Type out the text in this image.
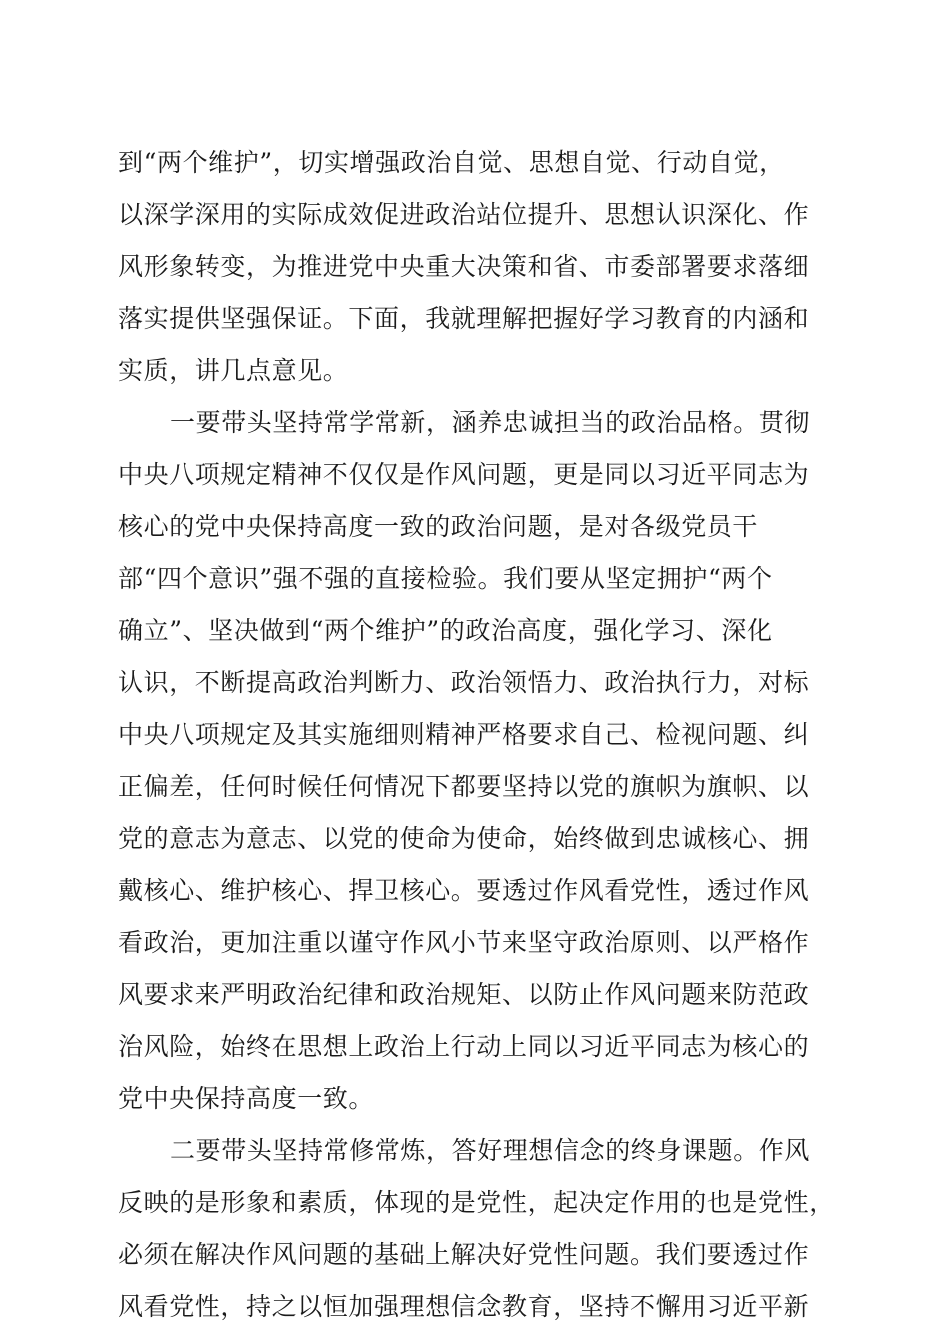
到“两个维护”，切实增强政治自觉、思想自觉、行动自觉，
以深学深用的实际成效促进政治站位提升、思想认识深化、作
风形象转变，为推进党中央重大决策和省、市委部署要求落细
落实提供坚强保证。下面，我就理解把握好学习教育的内涵和
实质，讲几点意见。
一要带头坚持常学常新，涵养忠诚担当的政治品格。贯彻
中央八项规定精神不仅仅是作风问题，更是同以习近平同志为
核心的党中央保持高度一致的政治问题，是对各级党员干
部“四个意识”强不强的直接检验。我们要从坚定拥护“两个
确立”、坚决做到“两个维护”的政治高度，强化学习、深化
认识，不断提高政治判断力、政治领悟力、政治执行力，对标
中央八项规定及其实施细则精神严格要求自己、检视问题、纠
正偏差，任何时候任何情况下都要坚持以党的旗帜为旗帜、以
党的意志为意志、以党的使命为使命，始终做到忠诚核心、拥
戴核心、维护核心、捍卫核心。要透过作风看党性，透过作风
看政治，更加注重以谨守作风小节来坚守政治原则、以严格作
风要求来严明政治纪律和政治规矩、以防止作风问题来防范政
治风险，始终在思想上政治上行动上同以习近平同志为核心的
党中央保持高度一致。
二要带头坚持常修常炼，答好理想信念的终身课题。作风
反映的是形象和素质，体现的是党性，起决定作用的也是党性，
必须在解决作风问题的基础上解决好党性问题。我们要透过作
风看党性，持之以恒加强理想信念教育，坚持不懈用习近平新
